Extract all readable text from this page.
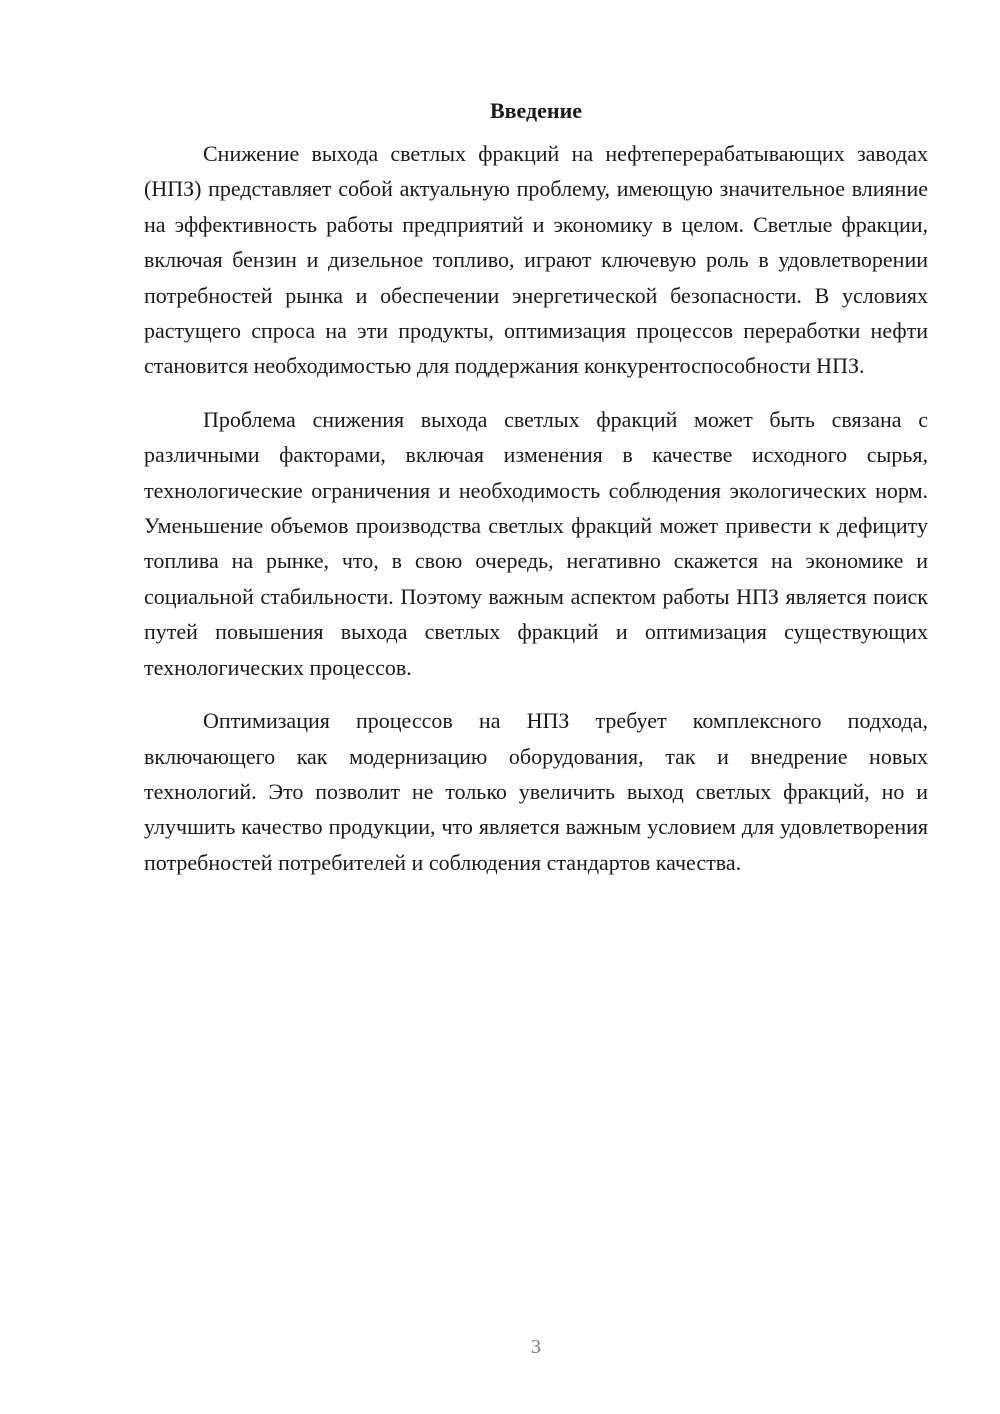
Введение

Снижение выхода светлых фракций на нефтеперерабатывающих заводах (НПЗ) представляет собой актуальную проблему, имеющую значительное влияние на эффективность работы предприятий и экономику в целом. Светлые фракции, включая бензин и дизельное топливо, играют ключевую роль в удовлетворении потребностей рынка и обеспечении энергетической безопасности. В условиях растущего спроса на эти продукты, оптимизация процессов переработки нефти становится необходимостью для поддержания конкурентоспособности НПЗ.

Проблема снижения выхода светлых фракций может быть связана с различными факторами, включая изменения в качестве исходного сырья, технологические ограничения и необходимость соблюдения экологических норм. Уменьшение объемов производства светлых фракций может привести к дефициту топлива на рынке, что, в свою очередь, негативно скажется на экономике и социальной стабильности. Поэтому важным аспектом работы НПЗ является поиск путей повышения выхода светлых фракций и оптимизация существующих технологических процессов.

Оптимизация процессов на НПЗ требует комплексного подхода, включающего как модернизацию оборудования, так и внедрение новых технологий. Это позволит не только увеличить выход светлых фракций, но и улучшить качество продукции, что является важным условием для удовлетворения потребностей потребителей и соблюдения стандартов качества.

3
